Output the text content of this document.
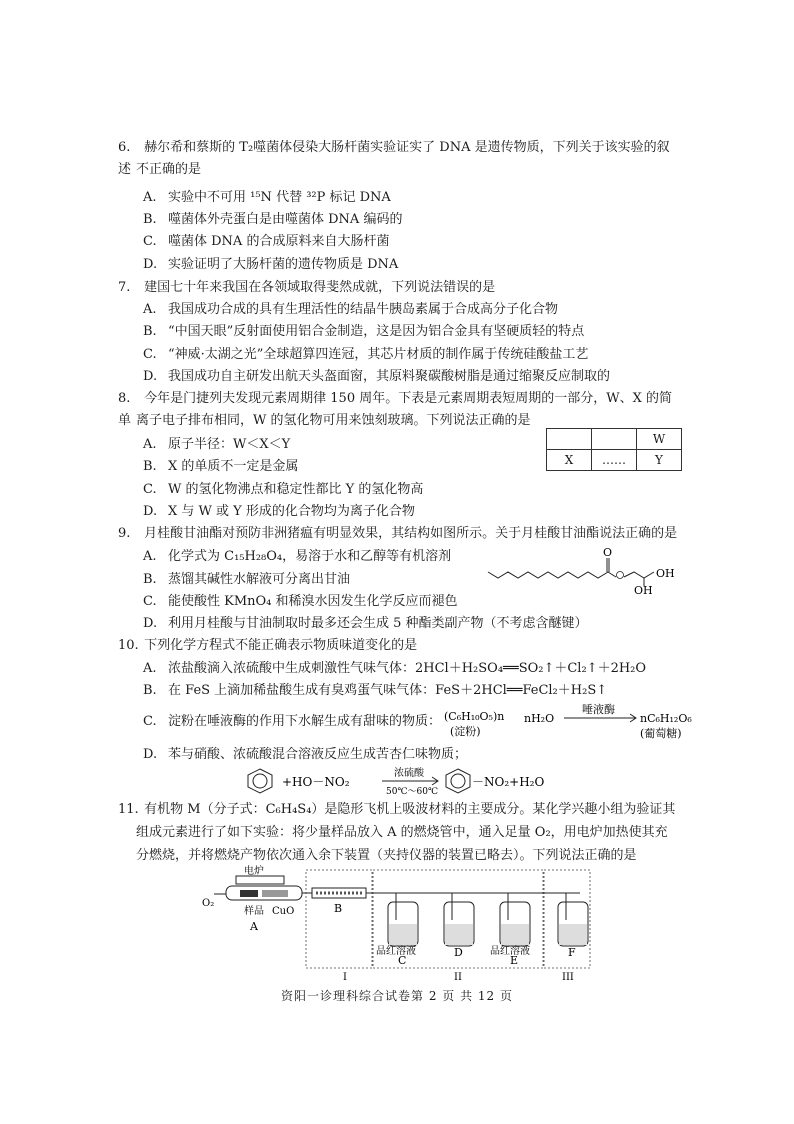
6. 赫尔希和蔡斯的 T₂噬菌体侵染大肠杆菌实验证实了 DNA 是遗传物质，下列关于该实验的叙述 不正确的是
A. 实验中不可用 ¹⁵N 代替 ³²P 标记 DNA
B. 噬菌体外壳蛋白是由噬菌体 DNA 编码的
C. 噬菌体 DNA 的合成原料来自大肠杆菌
D. 实验证明了大肠杆菌的遗传物质是 DNA
7. 建国七十年来我国在各领域取得斐然成就，下列说法错误的是
A. 我国成功合成的具有生理活性的结晶牛胰岛素属于合成高分子化合物
B. “中国天眼”反射面使用铝合金制造，这是因为铝合金具有坚硬质轻的特点
C. “神威·太湖之光”全球超算四连冠，其芯片材质的制作属于传统硅酸盐工艺
D. 我国成功自主研发出航天头盔面窗，其原料聚碳酸树脂是通过缩聚反应制取的
8. 今年是门捷列夫发现元素周期律 150 周年。下表是元素周期表短周期的一部分，W、X 的简单 离子电子排布相同，W 的氢化物可用来蚀刻玻璃。下列说法正确的是
A. 原子半径：W＜X＜Y
B. X 的单质不一定是金属
C. W 的氢化物沸点和稳定性都比 Y 的氢化物高
D. X 与 W 或 Y 形成的化合物均为离子化合物
		W
X	……	Y
9. 月桂酸甘油酯对预防非洲猪瘟有明显效果，其结构如图所示。关于月桂酸甘油酯说法正确的是
A. 化学式为 C₁₅H₂₈O₄，易溶于水和乙醇等有机溶剂
B. 蒸馏其碱性水解液可分离出甘油
C. 能使酸性 KMnO₄ 和稀溴水因发生化学反应而褪色
D. 利用月桂酸与甘油制取时最多还会生成 5 种酯类副产物（不考虑含醚键）
O
OH
OH
10. 下列化学方程式不能正确表示物质味道变化的是
A. 浓盐酸滴入浓硫酸中生成刺激性气味气体：2HCl＋H₂SO₄══SO₂↑＋Cl₂↑＋2H₂O
B. 在 FeS 上滴加稀盐酸生成有臭鸡蛋气味气体：FeS＋2HCl══FeCl₂＋H₂S↑
C. 淀粉在唾液酶的作用下水解生成有甜味的物质： (C₆H₁₀O₅)n
(淀粉)
nH₂O
唾液酶
nC₆H₁₂O₆
(葡萄糖)
D. 苯与硝酸、浓硫酸混合溶液反应生成苦杏仁味物质；
+HO－NO₂
浓硫酸
50℃～60℃
－NO₂+H₂O
11. 有机物 M（分子式：C₆H₄S₄）是隐形飞机上吸波材料的主要成分。某化学兴趣小组为验证其
组成元素进行了如下实验：将少量样品放入 A 的燃烧管中，通入足量 O₂，用电炉加热使其充
分燃烧，并将燃烧产物依次通入余下装置（夹持仪器的装置已略去）。下列说法正确的是
电炉
O₂
样品 CuO
A
B
品红溶液
C
D	品红溶液
E
F
I	II	III
资阳一诊理科综合试卷第 2 页 共 12 页
